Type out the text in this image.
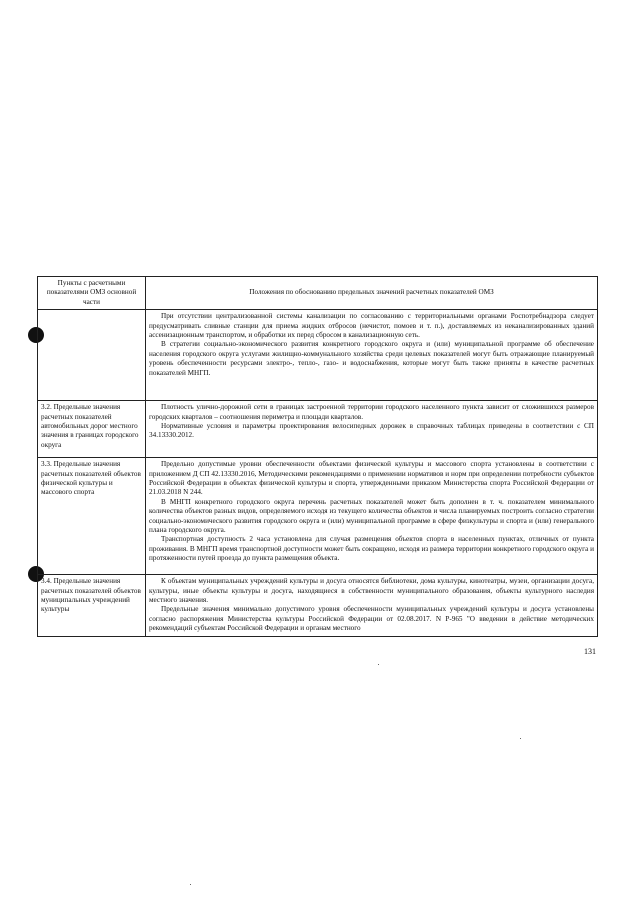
Пункты с расчетными показателями ОМЗ основной части	Положения по обоснованию предельных значений расчетных показателей ОМЗ

	При отсутствии централизованной системы канализации по согласованию с территориальными органами Роспотребнадзора следует предусматривать сливные станции для приема жидких отбросов (нечистот, помоев и т. п.), доставляемых из неканализированных зданий ассенизационным транспортом, и обработки их перед сбросом в канализационную сеть.

В стратегии социально-экономического развития конкретного городского округа и (или) муниципальной программе об обеспечение населения городского округа услугами жилищно-коммунального хозяйства среди целевых показателей могут быть отражающие планируемый уровень обеспеченности ресурсами электро-, тепло-, газо- и водоснабжения, которые могут быть также приняты в качестве расчетных показателей МНГП.

3.2. Предельные значения расчетных показателей автомобильных дорог местного значения в границах городского округа	Плотность улично-дорожной сети в границах застроенной территории городского населенного пункта зависит от сложившихся размеров городских кварталов – соотношения периметра и площади кварталов.

Нормативные условия и параметры проектирования велосипедных дорожек в справочных таблицах приведены в соответствии с СП 34.13330.2012.

3.3. Предельные значения расчетных показателей объектов физической культуры и массового спорта	Предельно допустимые уровни обеспеченности объектами физической культуры и массового спорта установлены в соответствии с приложением Д СП 42.13330.2016, Методическими рекомендациями о применении нормативов и норм при определении потребности субъектов Российской Федерации в объектах физической культуры и спорта, утвержденными приказом Министерства спорта Российской Федерации от 21.03.2018 N 244.

В МНГП конкретного городского округа перечень расчетных показателей может быть дополнен в т. ч. показателем минимального количества объектов разных видов, определяемого исходя из текущего количества объектов и числа планируемых построить согласно стратегии социально-экономического развития городского округа и (или) муниципальной программе в сфере физкультуры и спорта и (или) генерального плана городского округа.

Транспортная доступность 2 часа установлена для случая размещения объектов спорта в населенных пунктах, отличных от пункта проживания. В МНГП время транспортной доступности может быть сокращено, исходя из размера территории конкретного городского округа и протяженности путей проезда до пункта размещения объекта.

3.4. Предельные значения расчетных показателей объектов муниципальных учреждений культуры	К объектам муниципальных учреждений культуры и досуга относятся библиотеки, дома культуры, кинотеатры, музеи, организации досуга, культуры, иные объекты культуры и досуга, находящиеся в собственности муниципального образования, объекты культурного наследия местного значения.

Предельные значения минимально допустимого уровня обеспеченности муниципальных учреждений культуры и досуга установлены согласно распоряжения Министерства культуры Российской Федерации от 02.08.2017. N Р-965 "О введении в действие методических рекомендаций субъектам Российской Федерации и органам местного

131
